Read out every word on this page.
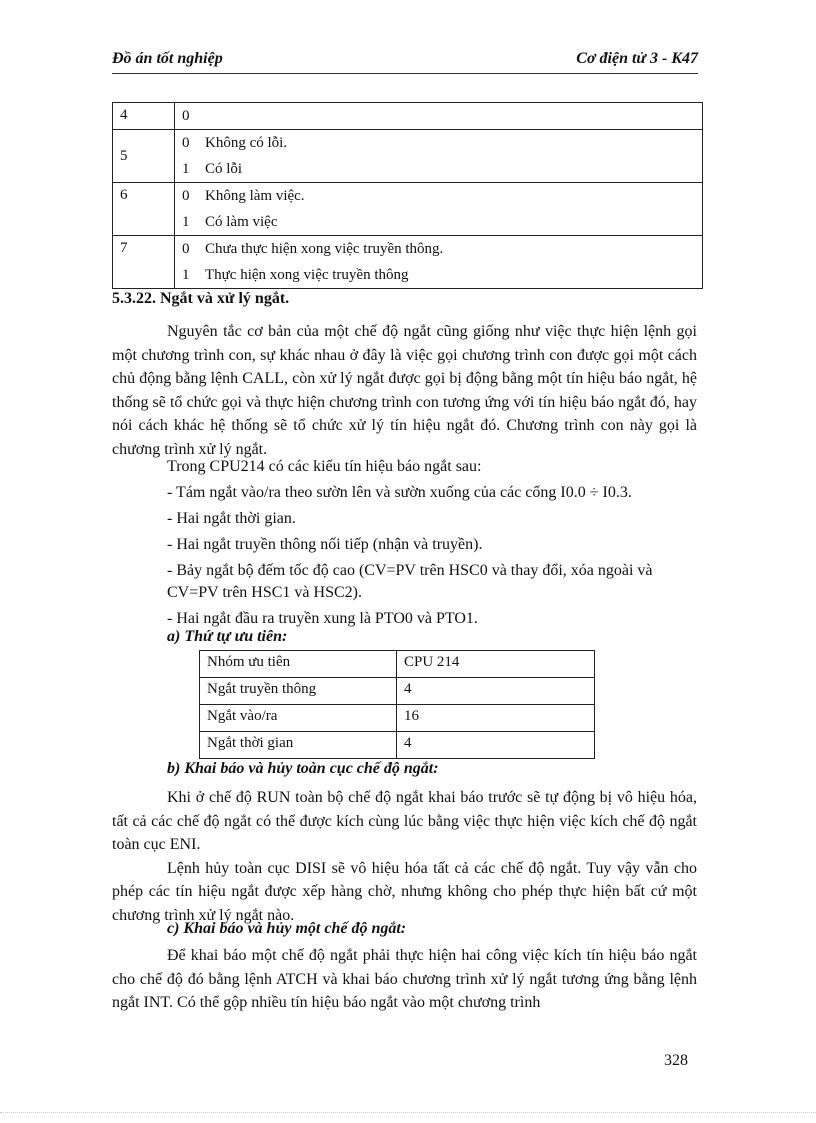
Đồ án tốt nghiệp	Cơ điện tử 3 - K47
4	0

5	0 Không có lỗi.
1 Có lỗi

6	0 Không làm việc.
1 Có làm việc

7	0 Chưa thực hiện xong việc truyền thông.
1 Thực hiện xong việc truyền thông
5.3.22. Ngắt và xử lý ngắt.

Nguyên tắc cơ bản của một chế độ ngắt cũng giống như việc thực hiện lệnh gọi một chương trình con, sự khác nhau ở đây là việc gọi chương trình con được gọi một cách chủ động bằng lệnh CALL, còn xử lý ngắt được gọi bị động bằng một tín hiệu báo ngắt, hệ thống sẽ tổ chức gọi và thực hiện chương trình con tương ứng với tín hiệu báo ngắt đó, hay nói cách khác hệ thống sẽ tổ chức xử lý tín hiệu ngắt đó. Chương trình con này gọi là chương trình xử lý ngắt.

Trong CPU214 có các kiểu tín hiệu báo ngắt sau:
- Tám ngắt vào/ra theo sườn lên và sườn xuống của các cổng I0.0 ÷ I0.3.
- Hai ngắt thời gian.
- Hai ngắt truyền thông nối tiếp (nhận và truyền).
- Bảy ngắt bộ đếm tốc độ cao (CV=PV trên HSC0 và thay đổi, xóa ngoài và CV=PV trên HSC1 và HSC2).
- Hai ngắt đầu ra truyền xung là PTO0 và PTO1.
a) Thứ tự ưu tiên:
Nhóm ưu tiên	CPU 214
Ngắt truyền thông	4
Ngắt vào/ra	16
Ngắt thời gian	4
b) Khai báo và hủy toàn cục chế độ ngắt:

Khi ở chế độ RUN toàn bộ chế độ ngắt khai báo trước sẽ tự động bị vô hiệu hóa, tất cả các chế độ ngắt có thể được kích cùng lúc bằng việc thực hiện việc kích chế độ ngắt toàn cục ENI.

Lệnh hủy toàn cục DISI sẽ vô hiệu hóa tất cả các chế độ ngắt. Tuy vậy vẫn cho phép các tín hiệu ngắt được xếp hàng chờ, nhưng không cho phép thực hiện bất cứ một chương trình xử lý ngắt nào.

c) Khai báo và hủy một chế độ ngắt:

Để khai báo một chế độ ngắt phải thực hiện hai công việc kích tín hiệu báo ngắt cho chế độ đó bằng lệnh ATCH và khai báo chương trình xử lý ngắt tương ứng bằng lệnh ngắt INT. Có thể gộp nhiều tín hiệu báo ngắt vào một chương trình

328
